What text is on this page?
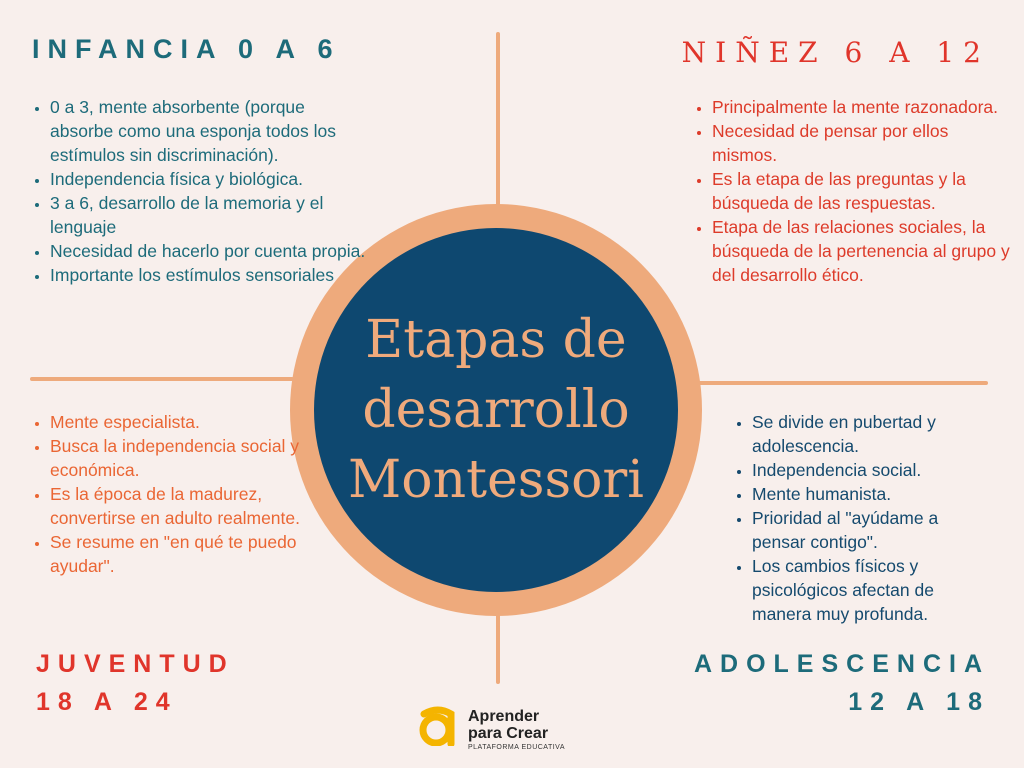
Etapas de
desarrollo
Montessori
INFANCIA 0 A 6
• 0 a 3, mente absorbente (porque absorbe como una esponja todos los estímulos sin discriminación).
• Independencia física y biológica.
• 3 a 6, desarrollo de la memoria y el lenguaje
• Necesidad de hacerlo por cuenta propia.
• Importante los estímulos sensoriales
NIÑEZ 6 A 12
• Principalmente la mente razonadora.
• Necesidad de pensar por ellos mismos.
• Es la etapa de las preguntas y la búsqueda de las respuestas.
• Etapa de las relaciones sociales, la búsqueda de la pertenencia al grupo y del desarrollo ético.
• Mente especialista.
• Busca la independencia social y económica.
• Es la época de la madurez, convertirse en adulto realmente.
• Se resume en "en qué te puedo ayudar".
JUVENTUD
18 A 24
• Se divide en pubertad y adolescencia.
• Independencia social.
• Mente humanista.
• Prioridad al "ayúdame a pensar contigo".
• Los cambios físicos y psicológicos afectan de manera muy profunda.
ADOLESCENCIA
12 A 18

Aprender

para Crear

PLATAFORMA EDUCATIVA
